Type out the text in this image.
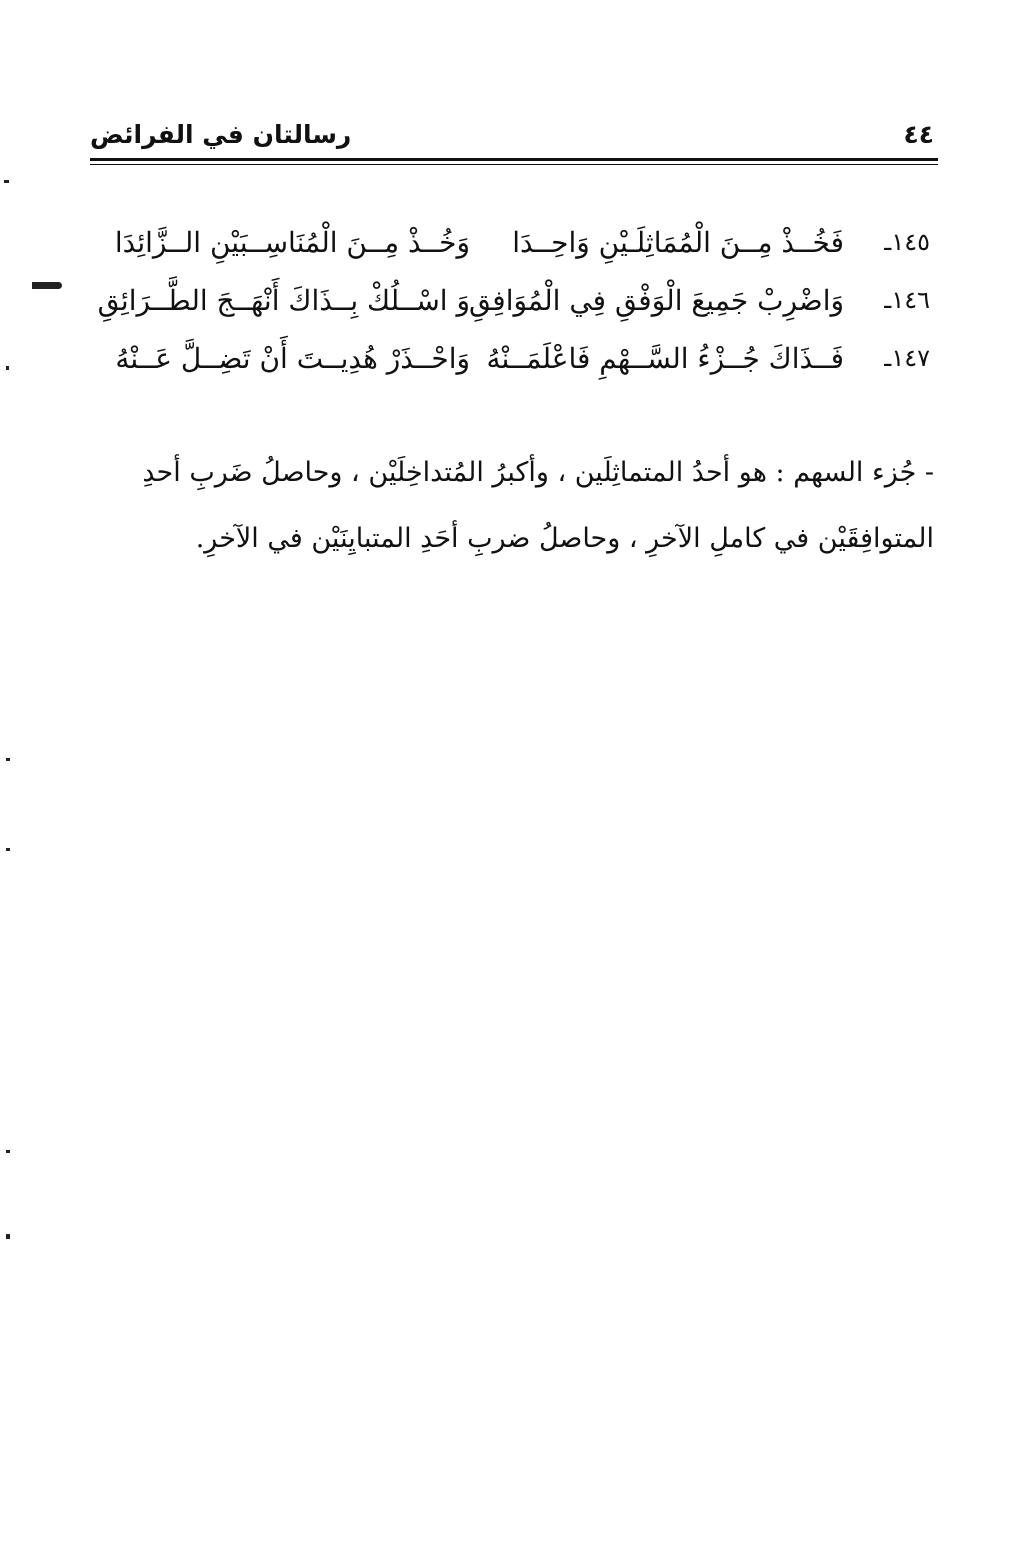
رسالتان في الفرائض	٤٤
١٤٥ـ
فَخُــذْ مِــنَ الْمُمَاثِلَـيْنِ وَاحِــدَا
وَخُــذْ مِــنَ الْمُنَاسِــبَيْنِ الــزَّائِدَا
١٤٦ـ
وَاضْرِبْ جَمِيعَ الْوَفْقِ فِي الْمُوَافِقِ
وَ اسْــلُكْ بِــذَاكَ أَنْهَــجَ الطَّــرَائِقِ
١٤٧ـ
فَــذَاكَ جُــزْءُ السَّــهْمِ فَاعْلَمَــنْهُ
وَاحْــذَرْ هُدِيــتَ أَنْ تَضِــلَّ عَــنْهُ
- جُزء السهم : هو أحدُ المتماثِلَين ، وأكبرُ المُتداخِلَيْن ، وحاصلُ ضَربِ أحدِ
المتوافِقَيْن في كاملِ الآخرِ ، وحاصلُ ضربِ أحَدِ المتبايِنَيْن في الآخرِ.
